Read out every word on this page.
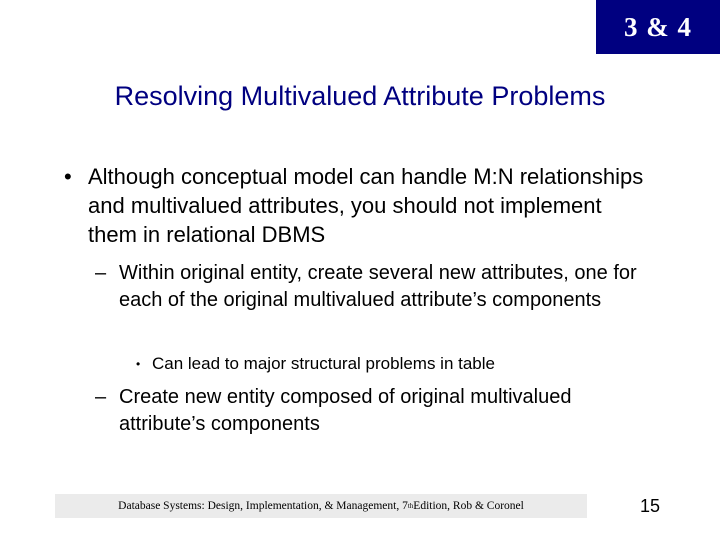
3 & 4
Resolving Multivalued Attribute Problems

• Although conceptual model can handle M:N relationships and multivalued attributes, you should not implement them in relational DBMS

– Within original entity, create several new attributes, one for each of the original multivalued attribute’s components

• Can lead to major structural problems in table

– Create new entity composed of original multivalued attribute’s components

Database Systems: Design, Implementation, & Management, 7 th Edition, Rob & Coronel	15
